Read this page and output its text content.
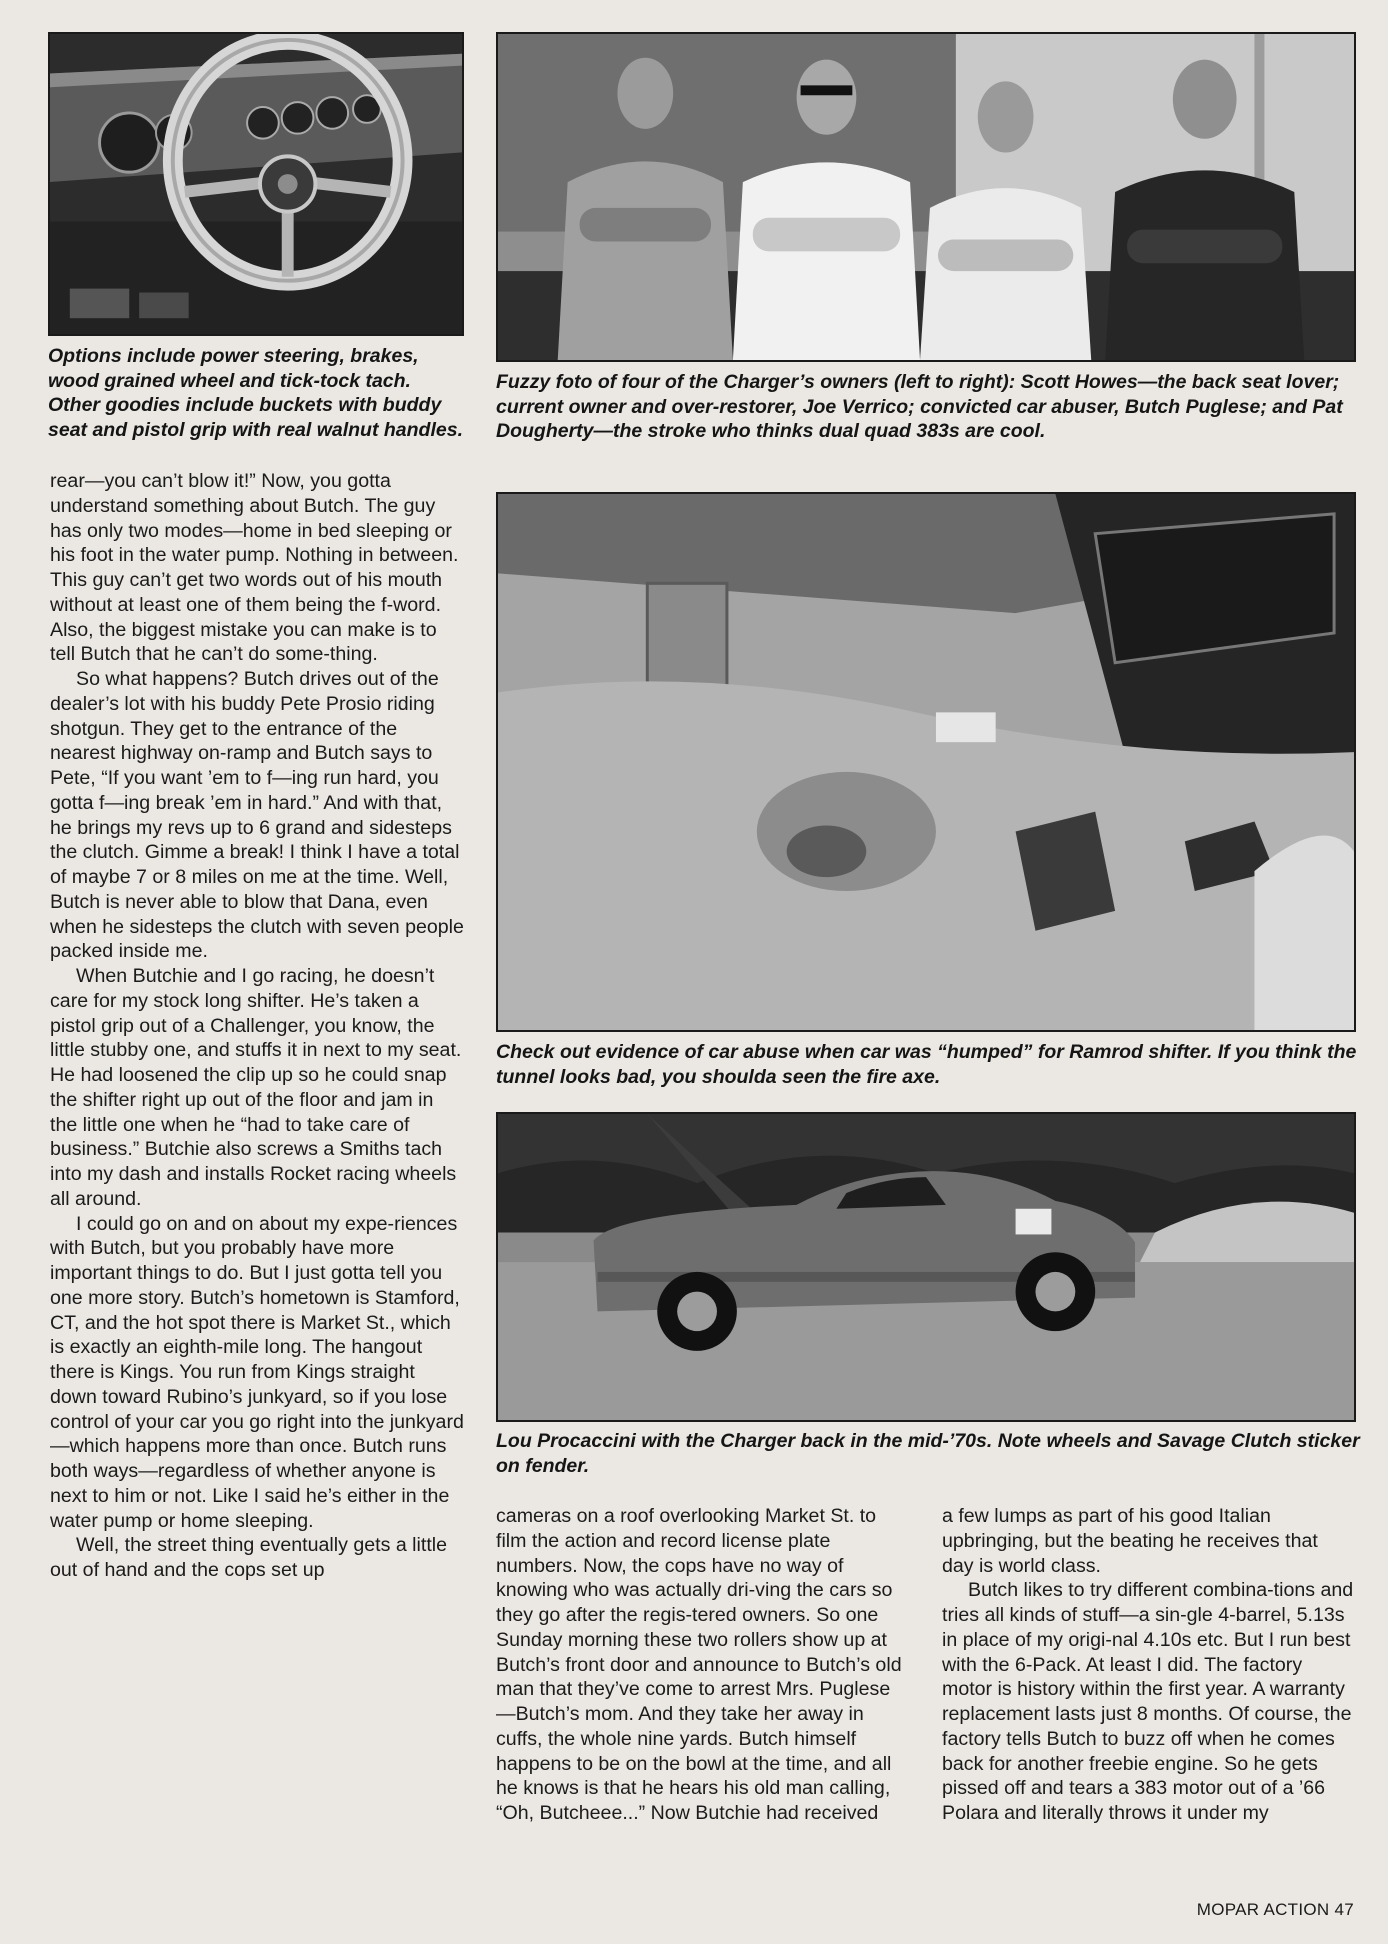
Options include power steering, brakes, wood grained wheel and tick-tock tach. Other goodies include buckets with buddy seat and pistol grip with real walnut handles.

Fuzzy foto of four of the Charger’s owners (left to right): Scott Howes—the back seat lover; current owner and over-restorer, Joe Verrico; convicted car abuser, Butch Puglese; and Pat Dougherty—the stroke who thinks dual quad 383s are cool.

Check out evidence of car abuse when car was “humped” for Ramrod shifter. If you think the tunnel looks bad, you shoulda seen the fire axe.

Lou Procaccini with the Charger back in the mid-’70s. Note wheels and Savage Clutch sticker on fender.

rear—you can’t blow it!” Now, you gotta understand something about Butch. The guy has only two modes—home in bed sleeping or his foot in the water pump. Nothing in between. This guy can’t get two words out of his mouth without at least one of them being the f-word. Also, the biggest mistake you can make is to tell Butch that he can’t do some-thing.

So what happens? Butch drives out of the dealer’s lot with his buddy Pete Prosio riding shotgun. They get to the entrance of the nearest highway on-ramp and Butch says to Pete, “If you want ’em to f—ing run hard, you gotta f—ing break ’em in hard.” And with that, he brings my revs up to 6 grand and sidesteps the clutch. Gimme a break! I think I have a total of maybe 7 or 8 miles on me at the time. Well, Butch is never able to blow that Dana, even when he sidesteps the clutch with seven people packed inside me.

When Butchie and I go racing, he doesn’t care for my stock long shifter. He’s taken a pistol grip out of a Challenger, you know, the little stubby one, and stuffs it in next to my seat. He had loosened the clip up so he could snap the shifter right up out of the floor and jam in the little one when he “had to take care of business.” Butchie also screws a Smiths tach into my dash and installs Rocket racing wheels all around.

I could go on and on about my expe-riences with Butch, but you probably have more important things to do. But I just gotta tell you one more story. Butch’s hometown is Stamford, CT, and the hot spot there is Market St., which is exactly an eighth-mile long. The hangout there is Kings. You run from Kings straight down toward Rubino’s junkyard, so if you lose control of your car you go right into the junkyard—which happens more than once. Butch runs both ways—regardless of whether anyone is next to him or not. Like I said he’s either in the water pump or home sleeping.

Well, the street thing eventually gets a little out of hand and the cops set up

cameras on a roof overlooking Market St. to film the action and record license plate numbers. Now, the cops have no way of knowing who was actually dri-ving the cars so they go after the regis-tered owners. So one Sunday morning these two rollers show up at Butch’s front door and announce to Butch’s old man that they’ve come to arrest Mrs. Puglese—Butch’s mom. And they take her away in cuffs, the whole nine yards. Butch himself happens to be on the bowl at the time, and all he knows is that he hears his old man calling, “Oh, Butcheee...” Now Butchie had received

a few lumps as part of his good Italian upbringing, but the beating he receives that day is world class.

Butch likes to try different combina-tions and tries all kinds of stuff—a sin-gle 4-barrel, 5.13s in place of my origi-nal 4.10s etc. But I run best with the 6-Pack. At least I did. The factory motor is history within the first year. A warranty replacement lasts just 8 months. Of course, the factory tells Butch to buzz off when he comes back for another freebie engine. So he gets pissed off and tears a 383 motor out of a ’66 Polara and literally throws it under my

MOPAR ACTION 47
